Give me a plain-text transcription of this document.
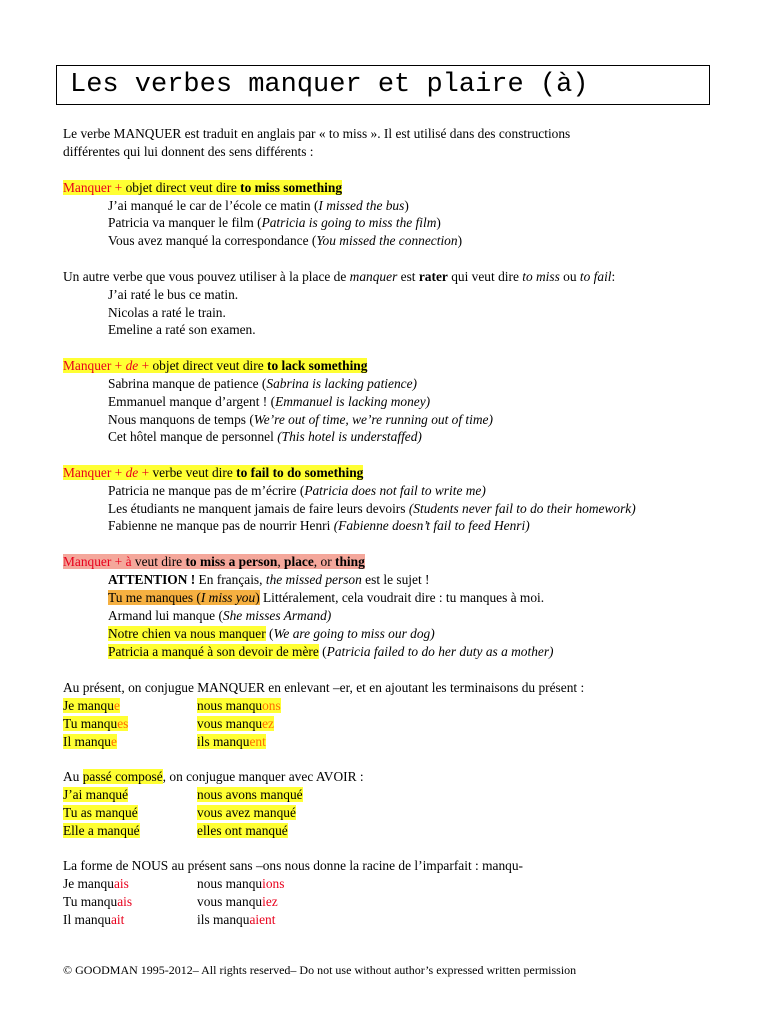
Les verbes manquer et plaire (à)
Le verbe MANQUER est traduit en anglais par « to miss ». Il est utilisé dans des constructions
différentes qui lui donnent des sens différents :
Manquer + objet direct veut dire to miss something
J’ai manqué le car de l’école ce matin (I missed the bus)
Patricia va manquer le film (Patricia is going to miss the film)
Vous avez manqué la correspondance (You missed the connection)
Un autre verbe que vous pouvez utiliser à la place de manquer est rater qui veut dire to miss ou to fail:
J’ai raté le bus ce matin.
Nicolas a raté le train.
Emeline a raté son examen.
Manquer + de + objet direct veut dire to lack something
Sabrina manque de patience (Sabrina is lacking patience)
Emmanuel manque d’argent ! (Emmanuel is lacking money)
Nous manquons de temps (We’re out of time, we’re running out of time)
Cet hôtel manque de personnel (This hotel is understaffed)
Manquer + de + verbe veut dire to fail to do something
Patricia ne manque pas de m’écrire (Patricia does not fail to write me)
Les étudiants ne manquent jamais de faire leurs devoirs (Students never fail to do their homework)
Fabienne ne manque pas de nourrir Henri (Fabienne doesn’t fail to feed Henri)
Manquer + à veut dire to miss a person, place, or thing
ATTENTION ! En français, the missed person est le sujet !
Tu me manques (I miss you) Littéralement, cela voudrait dire : tu manques à moi.
Armand lui manque (She misses Armand)
Notre chien va nous manquer (We are going to miss our dog)
Patricia a manqué à son devoir de mère (Patricia failed to do her duty as a mother)
Au présent, on conjugue MANQUER en enlevant –er, et en ajoutant les terminaisons du présent :
Je manque	nous manquons
Tu manques	vous manquez
Il manque	ils manquent
Au passé composé, on conjugue manquer avec AVOIR :
J’ai manqué	nous avons manqué
Tu as manqué	vous avez manqué
Elle a manqué	elles ont manqué
La forme de NOUS au présent sans –ons nous donne la racine de l’imparfait : manqu-
Je manquais	nous manquions
Tu manquais	vous manquiez
Il manquait	ils manquaient
© GOODMAN 1995-2012– All rights reserved– Do not use without author’s expressed written permission
